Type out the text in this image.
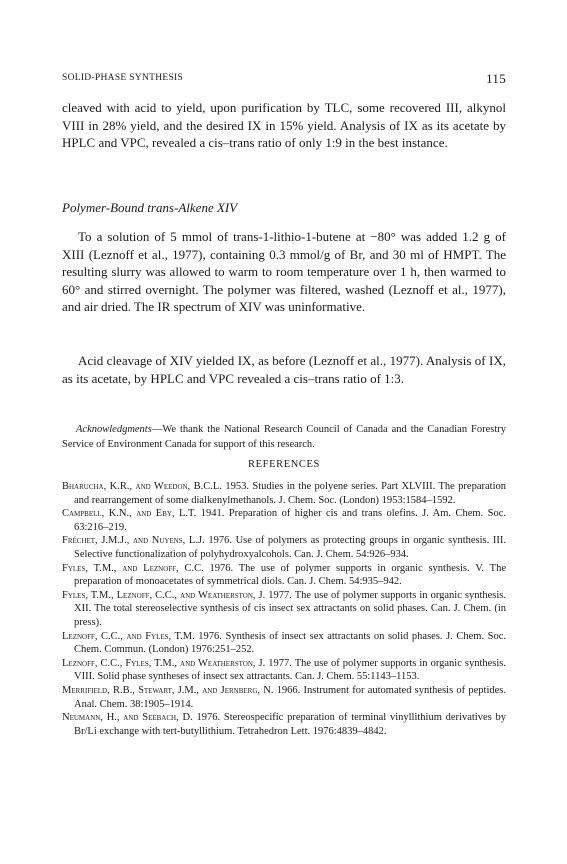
SOLID-PHASE SYNTHESIS	115

cleaved with acid to yield, upon purification by TLC, some recovered III, alkynol VIII in 28% yield, and the desired IX in 15% yield. Analysis of IX as its acetate by HPLC and VPC, revealed a cis–trans ratio of only 1:9 in the best instance.

Polymer-Bound trans-Alkene XIV

To a solution of 5 mmol of trans-1-lithio-1-butene at −80° was added 1.2 g of XIII (Leznoff et al., 1977), containing 0.3 mmol/g of Br, and 30 ml of HMPT. The resulting slurry was allowed to warm to room temperature over 1 h, then warmed to 60° and stirred overnight. The polymer was filtered, washed (Leznoff et al., 1977), and air dried. The IR spectrum of XIV was uninformative.

Acid cleavage of XIV yielded IX, as before (Leznoff et al., 1977). Analysis of IX, as its acetate, by HPLC and VPC revealed a cis–trans ratio of 1:3.

Acknowledgments—We thank the National Research Council of Canada and the Canadian Forestry Service of Environment Canada for support of this research.

REFERENCES

Bharucha, K.R., and Weedon, B.C.L. 1953. Studies in the polyene series. Part XLVIII. The preparation and rearrangement of some dialkenylmethanols. J. Chem. Soc. (London) 1953:1584–1592.

Campbell, K.N., and Eby, L.T. 1941. Preparation of higher cis and trans olefins. J. Am. Chem. Soc. 63:216–219.

Fréchet, J.M.J., and Nuyens, L.J. 1976. Use of polymers as protecting groups in organic synthesis. III. Selective functionalization of polyhydroxyalcohols. Can. J. Chem. 54:926–934.

Fyles, T.M., and Leznoff, C.C. 1976. The use of polymer supports in organic synthesis. V. The preparation of monoacetates of symmetrical diols. Can. J. Chem. 54:935–942.

Fyles, T.M., Leznoff, C.C., and Weatherston, J. 1977. The use of polymer supports in organic synthesis. XII. The total stereoselective synthesis of cis insect sex attractants on solid phases. Can. J. Chem. (in press).

Leznoff, C.C., and Fyles, T.M. 1976. Synthesis of insect sex attractants on solid phases. J. Chem. Soc. Chem. Commun. (London) 1976:251–252.

Leznoff, C.C., Fyles, T.M., and Weatherston, J. 1977. The use of polymer supports in organic synthesis. VIII. Solid phase syntheses of insect sex attractants. Can. J. Chem. 55:1143–1153.

Merrifield, R.B., Stewart, J.M., and Jernberg, N. 1966. Instrument for automated synthesis of peptides. Anal. Chem. 38:1905–1914.

Neumann, H., and Seebach, D. 1976. Stereospecific preparation of terminal vinyllithium derivatives by Br/Li exchange with tert-butyllithium. Tetrahedron Lett. 1976:4839–4842.
